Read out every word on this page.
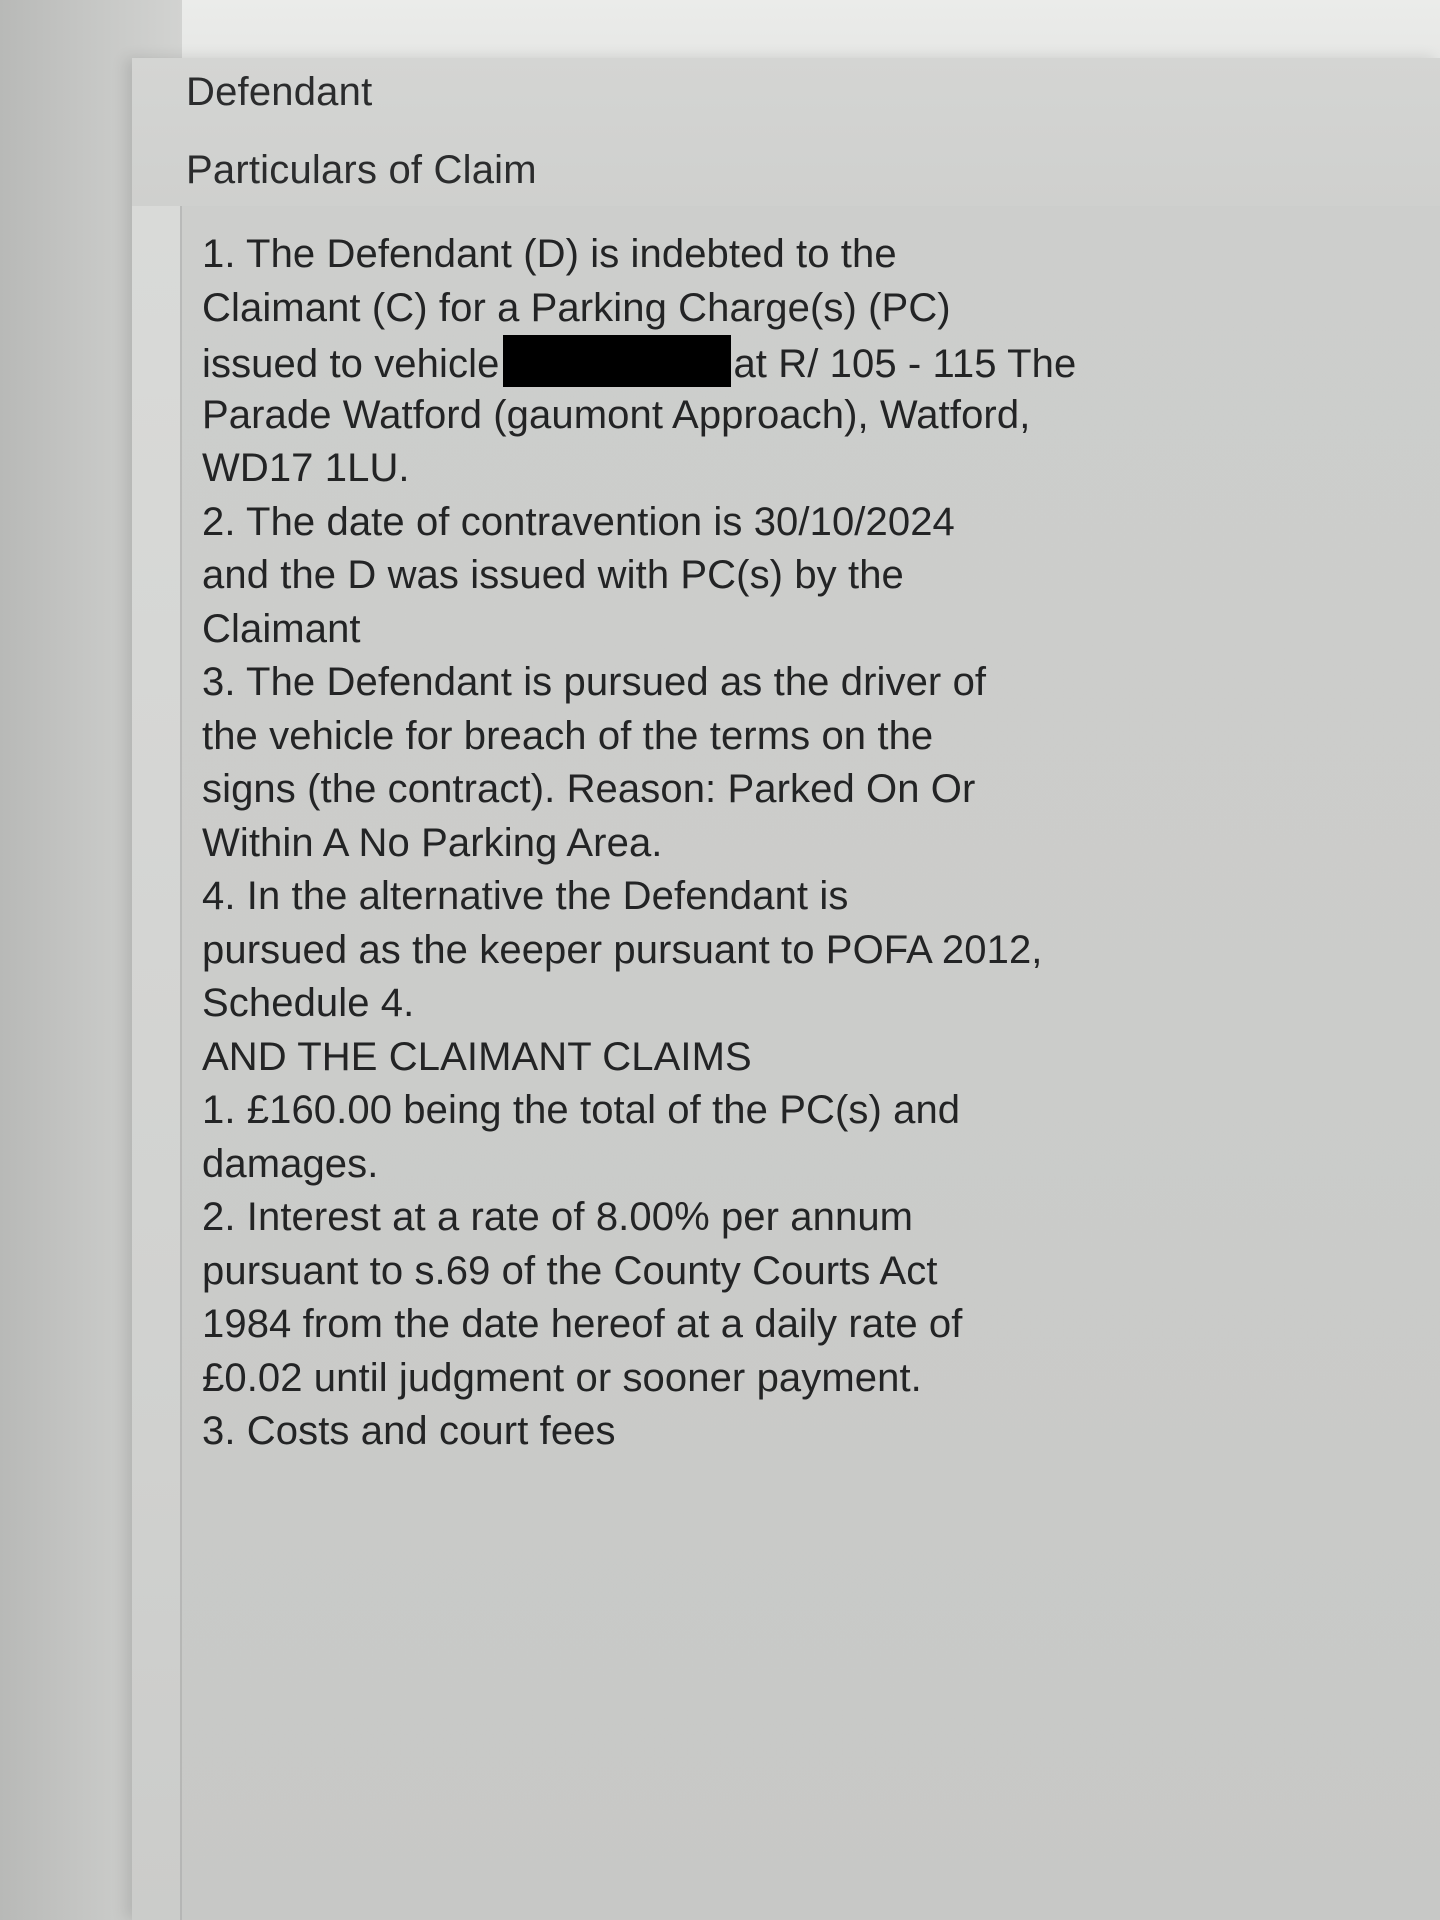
Defendant
Particulars of Claim
1. The Defendant (D) is indebted to the
Claimant (C) for a Parking Charge(s) (PC)
issued to vehicle	at R/ 105 - 115 The
Parade Watford (gaumont Approach), Watford,
WD17 1LU.
2. The date of contravention is 30/10/2024
and the D was issued with PC(s) by the
Claimant
3. The Defendant is pursued as the driver of
the vehicle for breach of the terms on the
signs (the contract). Reason: Parked On Or
Within A No Parking Area.
4. In the alternative the Defendant is
pursued as the keeper pursuant to POFA 2012,
Schedule 4.
AND THE CLAIMANT CLAIMS
1. £160.00 being the total of the PC(s) and
damages.
2. Interest at a rate of 8.00% per annum
pursuant to s.69 of the County Courts Act
1984 from the date hereof at a daily rate of
£0.02 until judgment or sooner payment.
3. Costs and court fees
